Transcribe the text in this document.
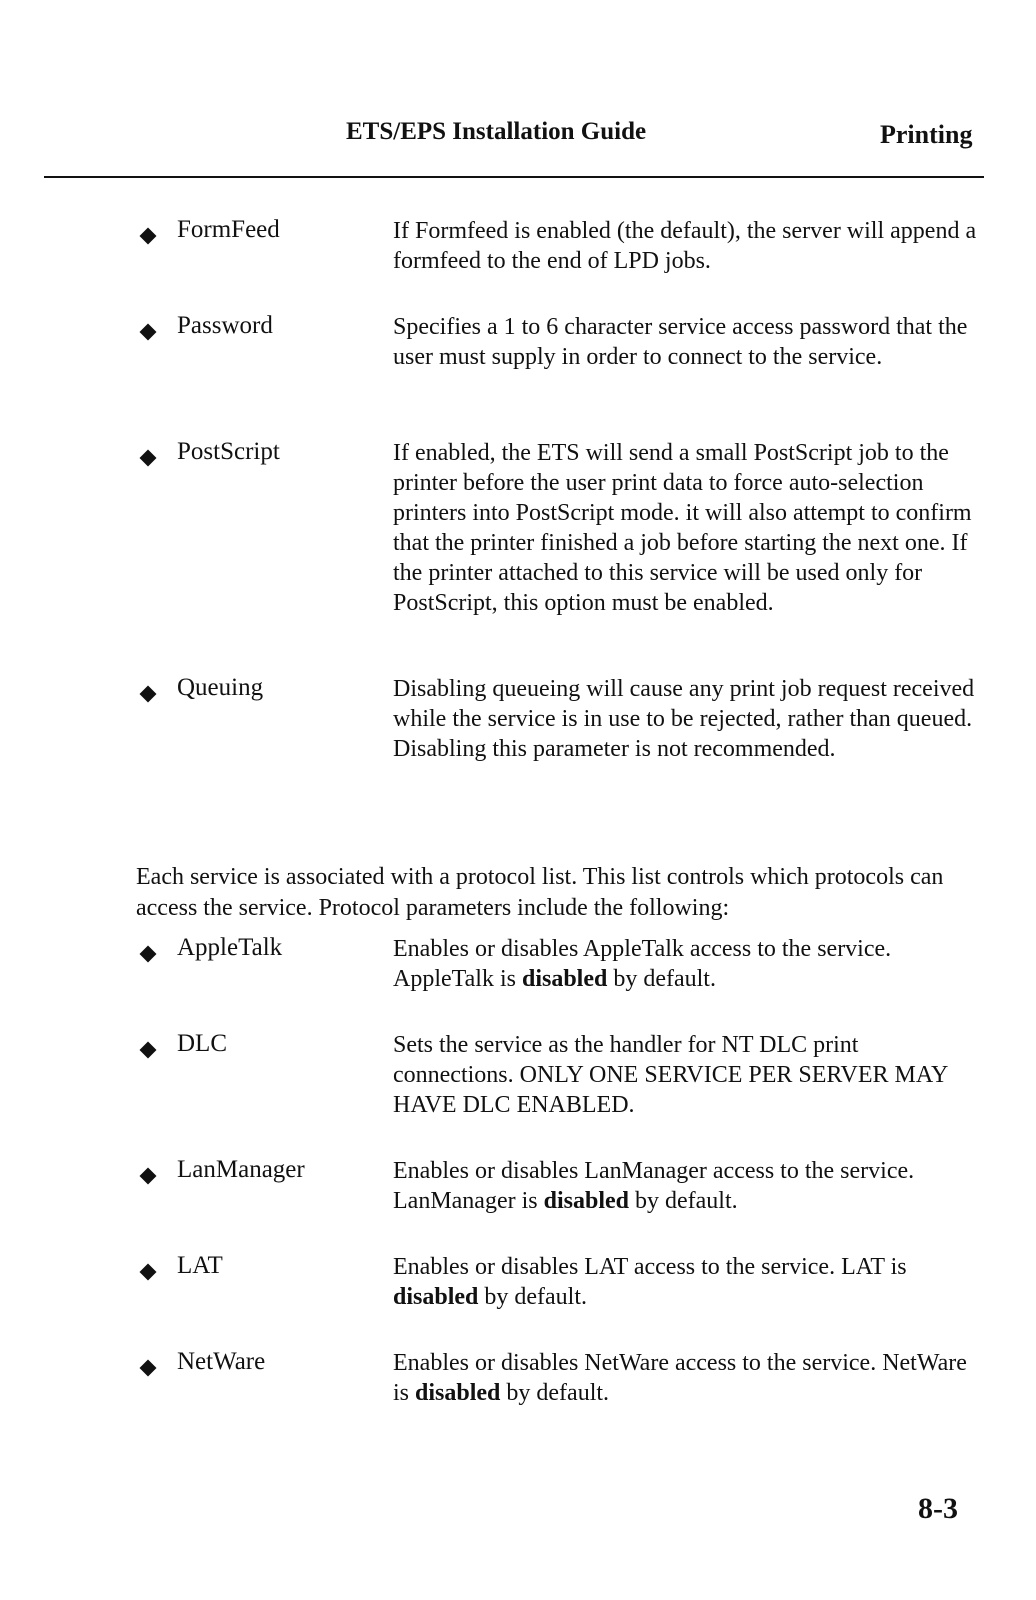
ETS/EPS Installation Guide	Printing
FormFeed	If Formfeed is enabled (the default), the server will append a formfeed to the end of LPD jobs.
Password	Specifies a 1 to 6 character service access password that the user must supply in order to connect to the service.
PostScript	If enabled, the ETS will send a small PostScript job to the printer before the user print data to force auto-selection printers into PostScript mode. it will also attempt to confirm that the printer finished a job before starting the next one. If the printer attached to this service will be used only for PostScript, this option must be enabled.
Queuing	Disabling queueing will cause any print job request received while the service is in use to be rejected, rather than queued. Disabling this parameter is not recommended.

Each service is associated with a protocol list. This list controls which protocols can access the service. Protocol parameters include the following:

AppleTalk	Enables or disables AppleTalk access to the service. AppleTalk is disabled by default.
DLC	Sets the service as the handler for NT DLC print connections. ONLY ONE SERVICE PER SERVER MAY HAVE DLC ENABLED.
LanManager	Enables or disables LanManager access to the service. LanManager is disabled by default.
LAT	Enables or disables LAT access to the service. LAT is disabled by default.
NetWare	Enables or disables NetWare access to the service. NetWare is disabled by default.
8-3
